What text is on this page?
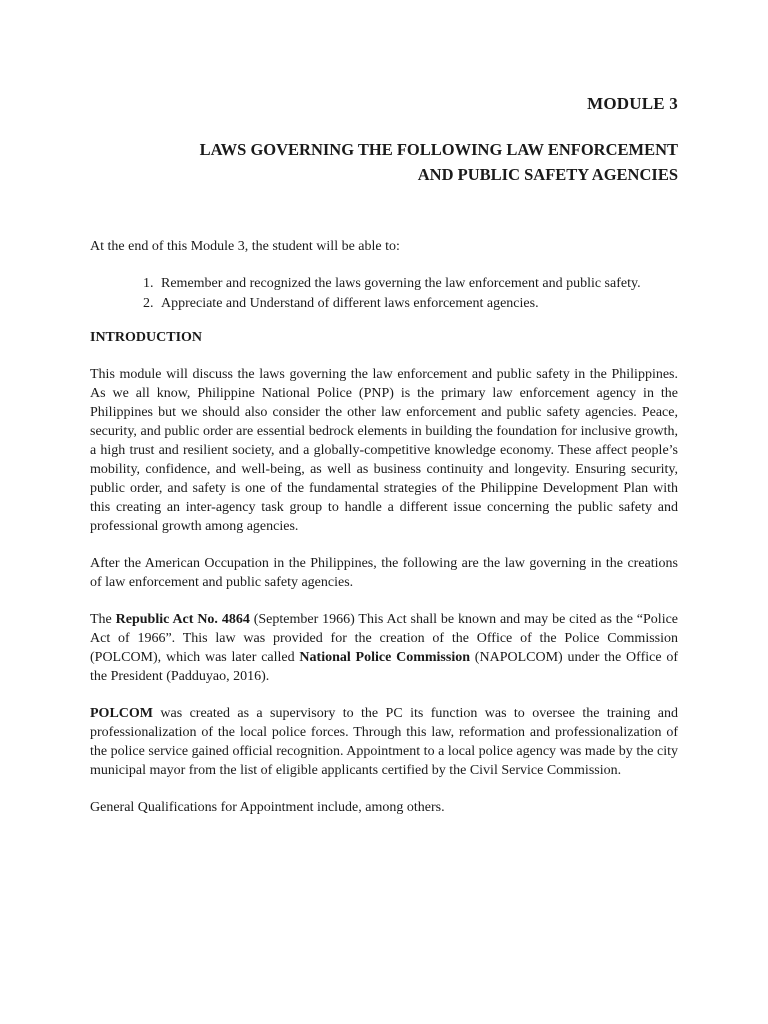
MODULE 3
LAWS GOVERNING THE FOLLOWING LAW ENFORCEMENT
AND PUBLIC SAFETY AGENCIES

At the end of this Module 3, the student will be able to:

1. Remember and recognized the laws governing the law enforcement and public safety.
2. Appreciate and Understand of different laws enforcement agencies.
INTRODUCTION

This module will discuss the laws governing the law enforcement and public safety in the Philippines. As we all know, Philippine National Police (PNP) is the primary law enforcement agency in the Philippines but we should also consider the other law enforcement and public safety agencies. Peace, security, and public order are essential bedrock elements in building the foundation for inclusive growth, a high trust and resilient society, and a globally-competitive knowledge economy. These affect people’s mobility, confidence, and well-being, as well as business continuity and longevity. Ensuring security, public order, and safety is one of the fundamental strategies of the Philippine Development Plan with this creating an inter-agency task group to handle a different issue concerning the public safety and professional growth among agencies.

After the American Occupation in the Philippines, the following are the law governing in the creations of law enforcement and public safety agencies.

The Republic Act No. 4864 (September 1966) This Act shall be known and may be cited as the “Police Act of 1966”. This law was provided for the creation of the Office of the Police Commission (POLCOM), which was later called National Police Commission (NAPOLCOM) under the Office of the President (Padduyao, 2016).

POLCOM was created as a supervisory to the PC its function was to oversee the training and professionalization of the local police forces. Through this law, reformation and professionalization of the police service gained official recognition. Appointment to a local police agency was made by the city municipal mayor from the list of eligible applicants certified by the Civil Service Commission.

General Qualifications for Appointment include, among others.
